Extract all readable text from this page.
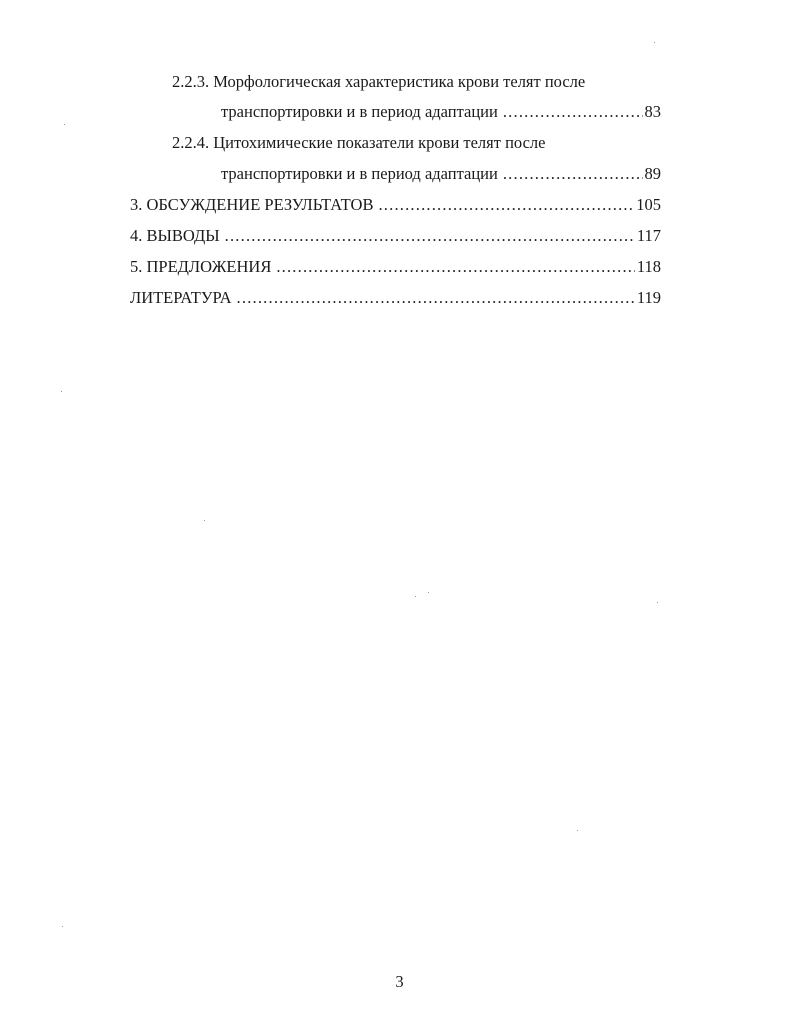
2.2.3. Морфологическая характеристика крови телят после
транспортировки и в период адаптации .....	83
2.2.4. Цитохимические показатели крови телят после
транспортировки и в период адаптации .....	89
3. ОБСУЖДЕНИЕ РЕЗУЛЬТАТОВ .....	105
4. ВЫВОДЫ .....	117
5. ПРЕДЛОЖЕНИЯ .....	118
ЛИТЕРАТУРА .....	119
3
